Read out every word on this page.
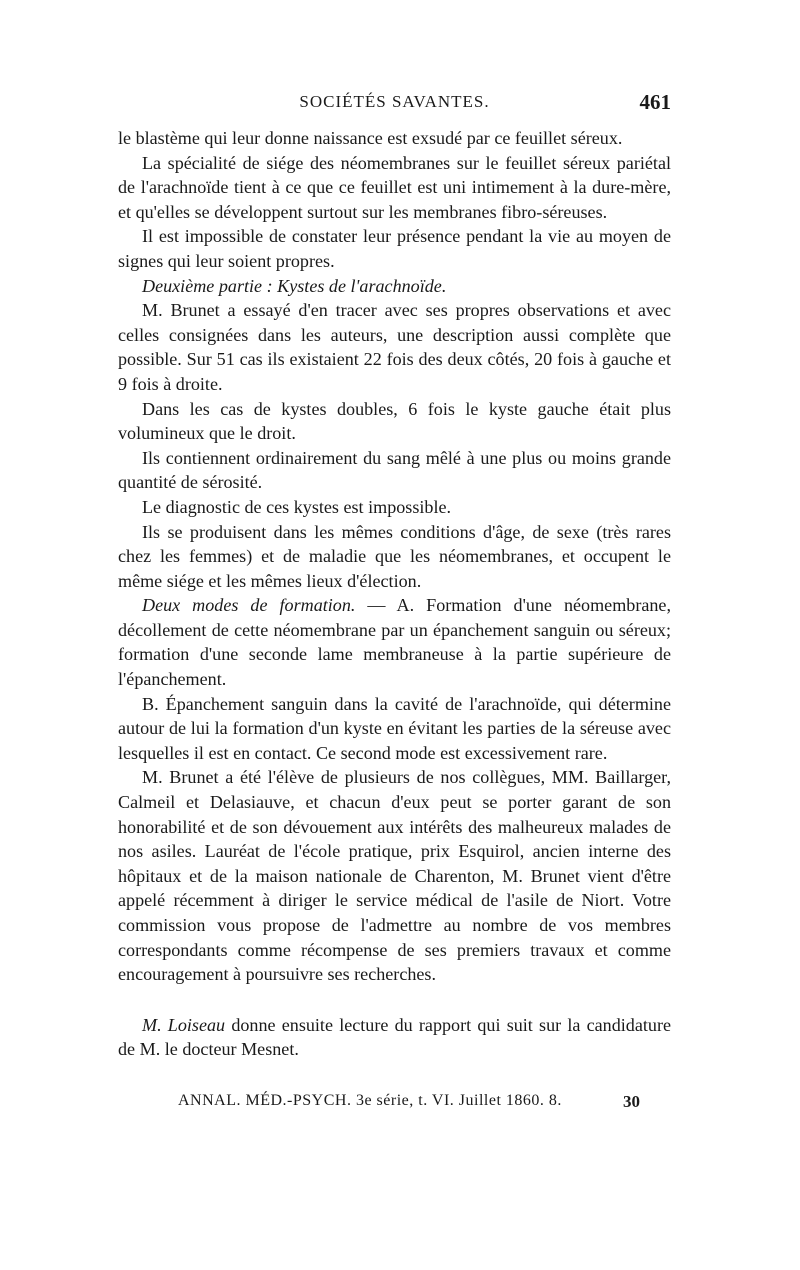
SOCIÉTÉS SAVANTES.	461

le blastème qui leur donne naissance est exsudé par ce feuillet séreux.

La spécialité de siége des néomembranes sur le feuillet séreux pariétal de l'arachnoïde tient à ce que ce feuillet est uni intimement à la dure-mère, et qu'elles se développent surtout sur les membranes fibro-séreuses.

Il est impossible de constater leur présence pendant la vie au moyen de signes qui leur soient propres.

Deuxième partie : Kystes de l'arachnoïde.

M. Brunet a essayé d'en tracer avec ses propres observations et avec celles consignées dans les auteurs, une description aussi complète que possible. Sur 51 cas ils existaient 22 fois des deux côtés, 20 fois à gauche et 9 fois à droite.

Dans les cas de kystes doubles, 6 fois le kyste gauche était plus volumineux que le droit.

Ils contiennent ordinairement du sang mêlé à une plus ou moins grande quantité de sérosité.

Le diagnostic de ces kystes est impossible.

Ils se produisent dans les mêmes conditions d'âge, de sexe (très rares chez les femmes) et de maladie que les néomembranes, et occupent le même siége et les mêmes lieux d'élection.

Deux modes de formation. — A. Formation d'une néomembrane, décollement de cette néomembrane par un épanchement sanguin ou séreux; formation d'une seconde lame membraneuse à la partie supérieure de l'épanchement.

B. Épanchement sanguin dans la cavité de l'arachnoïde, qui détermine autour de lui la formation d'un kyste en évitant les parties de la séreuse avec lesquelles il est en contact. Ce second mode est excessivement rare.

M. Brunet a été l'élève de plusieurs de nos collègues, MM. Baillarger, Calmeil et Delasiauve, et chacun d'eux peut se porter garant de son honorabilité et de son dévouement aux intérêts des malheureux malades de nos asiles. Lauréat de l'école pratique, prix Esquirol, ancien interne des hôpitaux et de la maison nationale de Charenton, M. Brunet vient d'être appelé récemment à diriger le service médical de l'asile de Niort. Votre commission vous propose de l'admettre au nombre de vos membres correspondants comme récompense de ses premiers travaux et comme encouragement à poursuivre ses recherches.

M. Loiseau donne ensuite lecture du rapport qui suit sur la candidature de M. le docteur Mesnet.

ANNAL. MÉD.-PSYCH. 3e série, t. VI. Juillet 1860. 8.	30
